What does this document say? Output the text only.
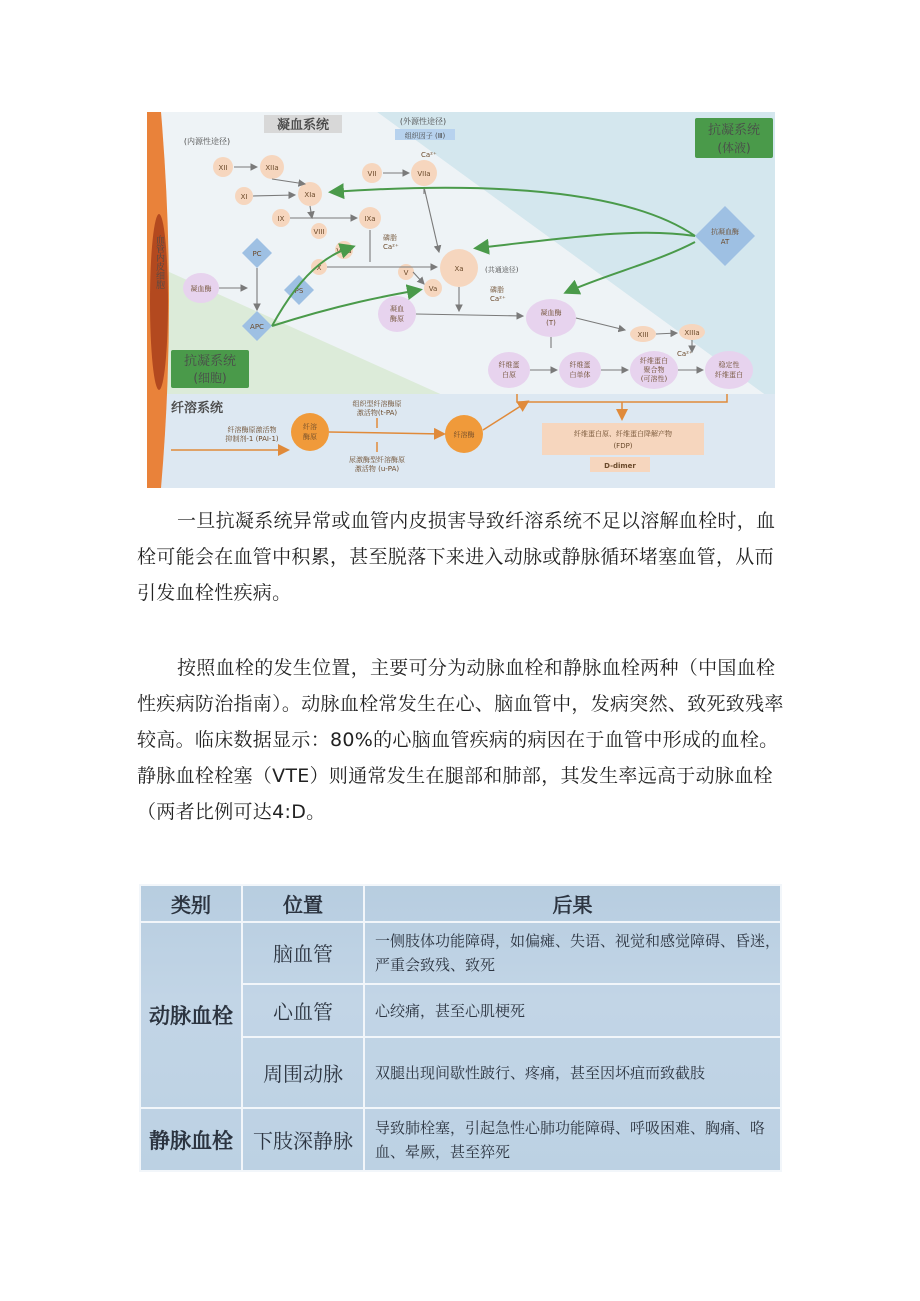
血管内皮细胞
凝血系统
(内源性途径)
(外源性途径)
组织因子 (Ⅲ)	抗凝系统
(体液)
抗凝系统
(细胞)
纤溶系统
XII	XIIa
XI	XIa
IX	IXa
VIII
VIIIa
X
VII	VIIa
Ca²⁺
磷脂
Ca²⁺
磷脂
Ca²⁺
V
Va
Xa	(共通途径)
凝血
酶原
凝血酶
(T)
PC
PS
APC
凝血酶
抗凝血酶
AT
XIII	XIIIa
Ca²⁺
纤维蛋
白原
纤维蛋
白单体
纤维蛋白
聚合物
(可溶性)
稳定性
纤维蛋白
纤溶酶原激活物
抑制剂-1 (PAI-1)
纤溶
酶原	纤溶酶
组织型纤溶酶原
激活物(t-PA)
尿激酶型纤溶酶原
激活物 (u-PA)
纤维蛋白原、纤维蛋白降解产物
(FDP)
D-dimer

一旦抗凝系统异常或血管内皮损害导致纤溶系统不足以溶解血栓时，血栓可能会在血管中积累，甚至脱落下来进入动脉或静脉循环堵塞血管，从而引发血栓性疾病。

按照血栓的发生位置，主要可分为动脉血栓和静脉血栓两种（中国血栓性疾病防治指南）。动脉血栓常发生在心、脑血管中，发病突然、致死致残率较高。临床数据显示：80%的心脑血管疾病的病因在于血管中形成的血栓。静脉血栓栓塞（VTE）则通常发生在腿部和肺部，其发生率远高于动脉血栓（两者比例可达4:D。

类别	位置	后果
动脉血栓	脑血管	一侧肢体功能障碍，如偏瘫、失语、视觉和感觉障碍、昏迷，严重会致残、致死
	心血管	心绞痛，甚至心肌梗死
	周围动脉	双腿出现间歇性跛行、疼痛，甚至因坏疽而致截肢
静脉血栓	下肢深静脉	导致肺栓塞，引起急性心肺功能障碍、呼吸困难、胸痛、咯血、晕厥，甚至猝死
